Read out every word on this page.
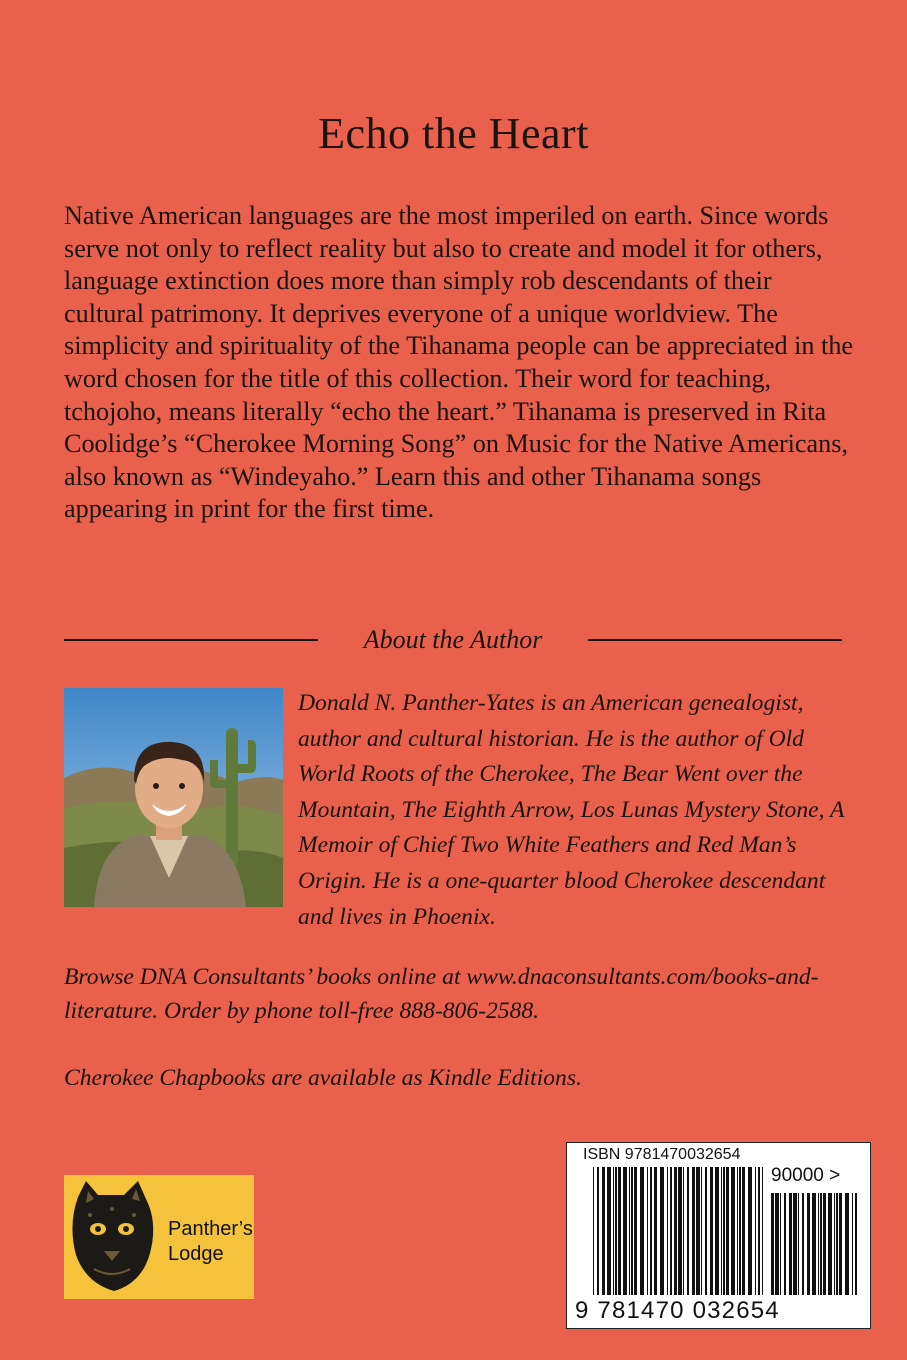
Echo the Heart

Native American languages are the most imperiled on earth. Since words serve not only to reflect reality but also to create and model it for others, language extinction does more than simply rob descendants of their cultural patrimony. It deprives everyone of a unique worldview. The simplicity and spirituality of the Tihanama people can be appreciated in the word chosen for the title of this collection. Their word for teaching, tchojoho, means literally “echo the heart.” Tihanama is preserved in Rita Coolidge’s “Cherokee Morning Song” on Music for the Native Americans, also known as “Windeyaho.” Learn this and other Tihanama songs appearing in print for the first time.

About the Author

Donald N. Panther-Yates is an American genealogist, author and cultural historian. He is the author of Old World Roots of the Cherokee, The Bear Went over the Mountain, The Eighth Arrow, Los Lunas Mystery Stone, A Memoir of Chief Two White Feathers and Red Man’s Origin. He is a one-quarter blood Cherokee descendant and lives in Phoenix.

Browse DNA Consultants’ books online at www.dnaconsultants.com/books-and-literature. Order by phone toll-free 888-806-2588.

Cherokee Chapbooks are available as Kindle Editions.

Panther’s
Lodge
ISBN 9781470032654
90000 >
9 781470 032654
